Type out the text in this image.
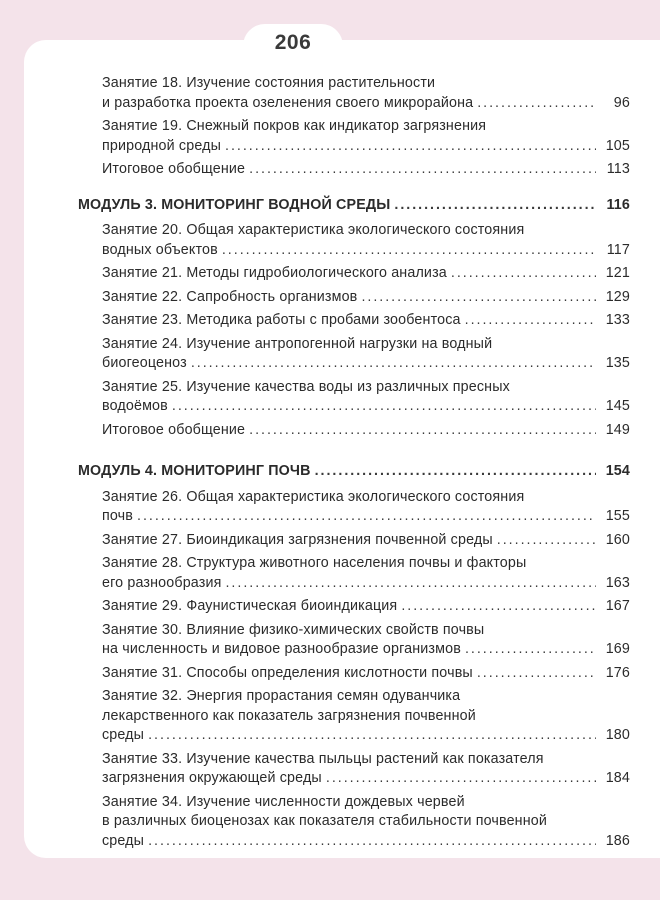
206
Занятие 18. Изучение состояния растительности
и разработка проекта озеленения своего микрорайона . . .	96
Занятие 19. Снежный покров как индикатор загрязнения
природной среды . . .	105
Итоговое обобщение . . .	113
МОДУЛЬ 3. МОНИТОРИНГ ВОДНОЙ СРЕДЫ . . .	116
Занятие 20. Общая характеристика экологического состояния
водных объектов . . .	117
Занятие 21. Методы гидробиологического анализа . . .	121
Занятие 22. Сапробность организмов . . .	129
Занятие 23. Методика работы с пробами зообентоса . . .	133
Занятие 24. Изучение антропогенной нагрузки на водный
биогеоценоз . . .	135
Занятие 25. Изучение качества воды из различных пресных
водоёмов . . .	145
Итоговое обобщение . . .	149
МОДУЛЬ 4. МОНИТОРИНГ ПОЧВ . . .	154
Занятие 26. Общая характеристика экологического состояния
почв . . .	155
Занятие 27. Биоиндикация загрязнения почвенной среды . . .	160
Занятие 28. Структура животного населения почвы и факторы
его разнообразия . . .	163
Занятие 29. Фаунистическая биоиндикация . . .	167
Занятие 30. Влияние физико-химических свойств почвы
на численность и видовое разнообразие организмов . . .	169
Занятие 31. Способы определения кислотности почвы . . .	176
Занятие 32. Энергия прорастания семян одуванчика
лекарственного как показатель загрязнения почвенной
среды . . .	180
Занятие 33. Изучение качества пыльцы растений как показателя
загрязнения окружающей среды . . .	184
Занятие 34. Изучение численности дождевых червей
в различных биоценозах как показателя стабильности почвенной
среды . . .	186
